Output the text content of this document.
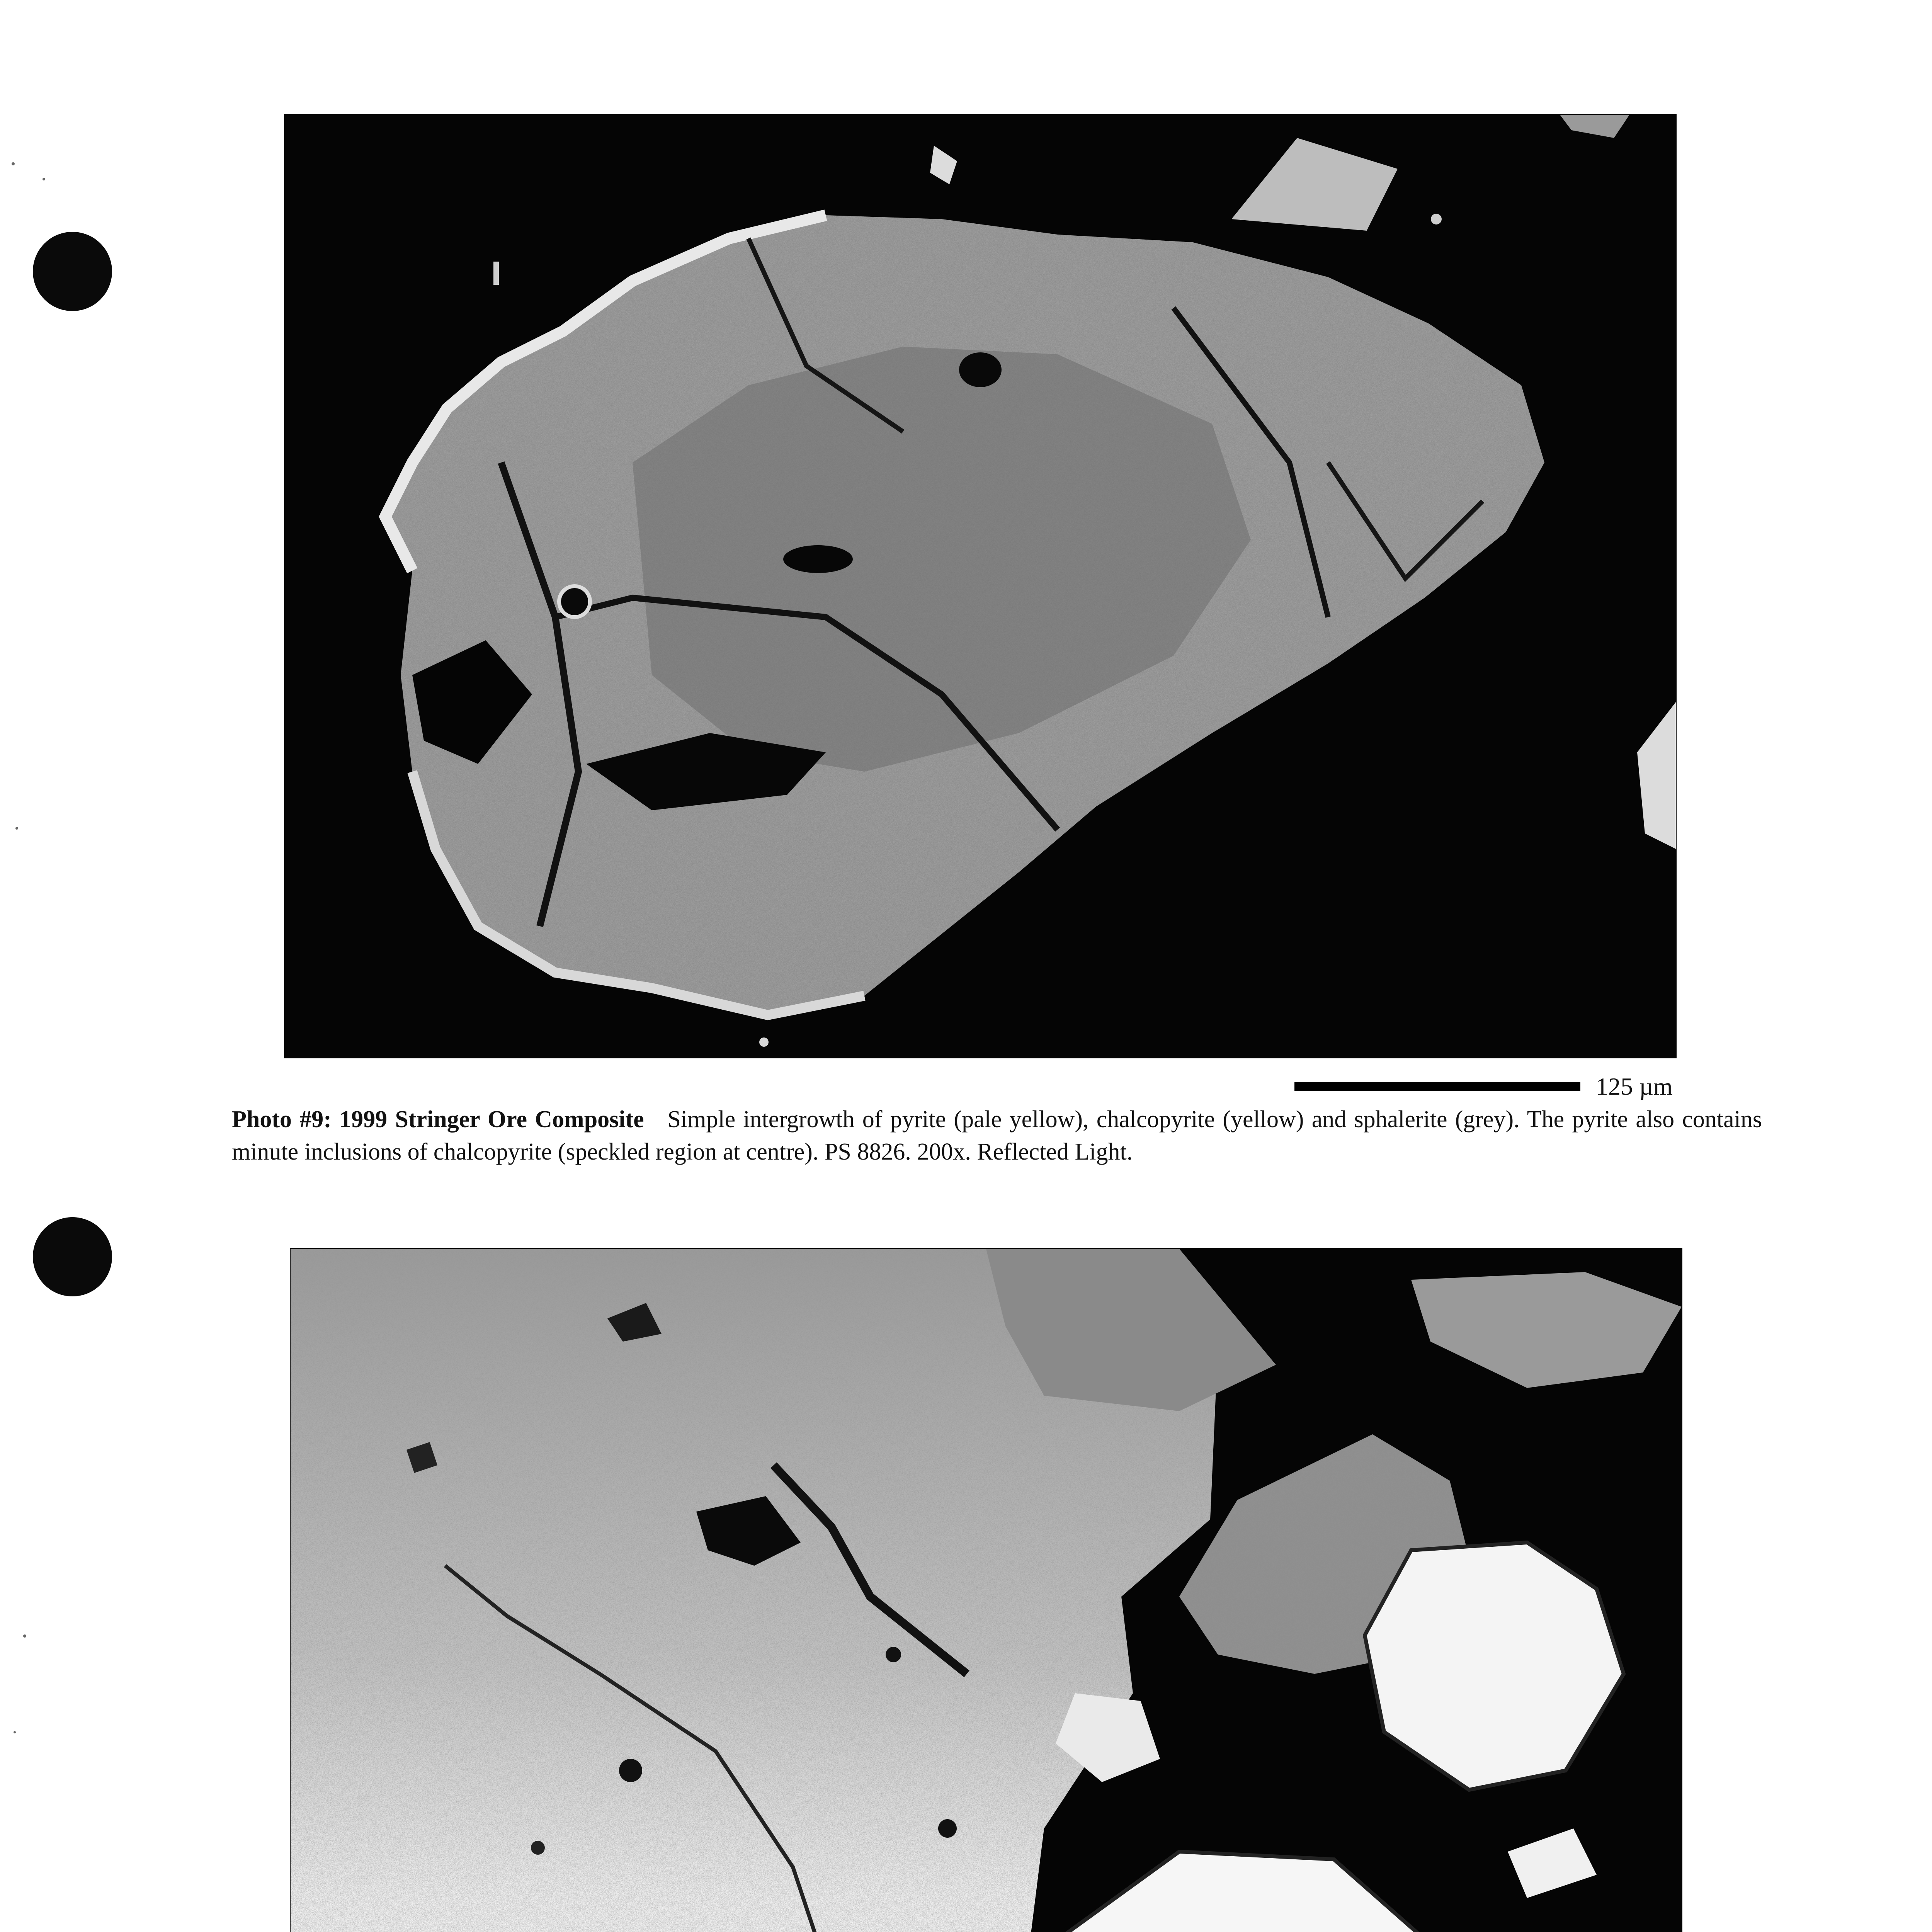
125 µm
Photo #9: 1999 Stringer Ore Composite Simple intergrowth of pyrite (pale yellow), chalcopyrite (yellow) and sphalerite (grey). The pyrite also contains minute inclusions of chalcopyrite (speckled region at centre). PS 8826. 200x. Reflected Light.
